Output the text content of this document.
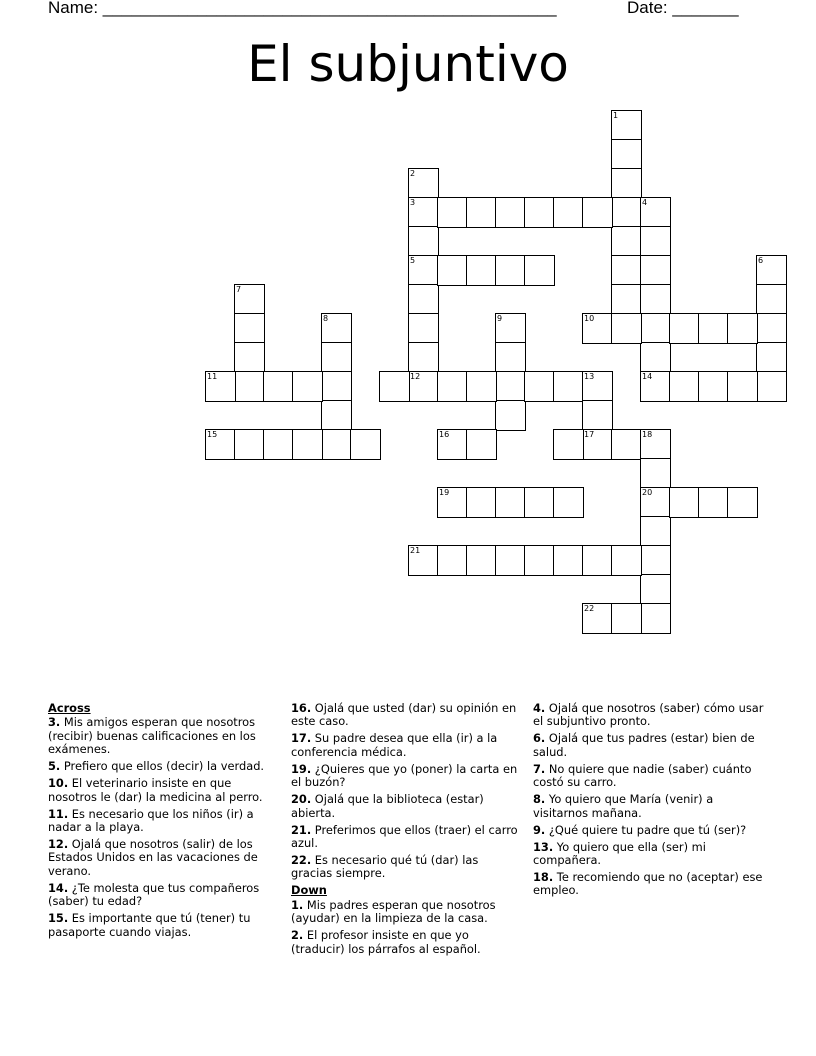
Name: ________________________________________________	Date: _______
El subjuntivo
1
2
3
5
12
4
14
6
7
8	9	10
11	13
17
15	16	18
20
19
21
22
Across
3. Mis amigos esperan que nosotros (recibir) buenas calificaciones en los exámenes.
5. Prefiero que ellos (decir) la verdad.
10. El veterinario insiste en que nosotros le (dar) la medicina al perro.
11. Es necesario que los niños (ir) a nadar a la playa.
12. Ojalá que nosotros (salir) de los Estados Unidos en las vacaciones de verano.
14. ¿Te molesta que tus compañeros (saber) tu edad?
15. Es importante que tú (tener) tu pasaporte cuando viajas.
16. Ojalá que usted (dar) su opinión en este caso.
17. Su padre desea que ella (ir) a la conferencia médica.
19. ¿Quieres que yo (poner) la carta en el buzón?
20. Ojalá que la biblioteca (estar) abierta.
21. Preferimos que ellos (traer) el carro azul.
22. Es necesario qué tú (dar) las gracias siempre.
Down
1. Mis padres esperan que nosotros (ayudar) en la limpieza de la casa.
2. El profesor insiste en que yo (traducir) los párrafos al español.
4. Ojalá que nosotros (saber) cómo usar el subjuntivo pronto.
6. Ojalá que tus padres (estar) bien de salud.
7. No quiere que nadie (saber) cuánto costó su carro.
8. Yo quiero que María (venir) a visitarnos mañana.
9. ¿Qué quiere tu padre que tú (ser)?
13. Yo quiero que ella (ser) mi compañera.
18. Te recomiendo que no (aceptar) ese empleo.
